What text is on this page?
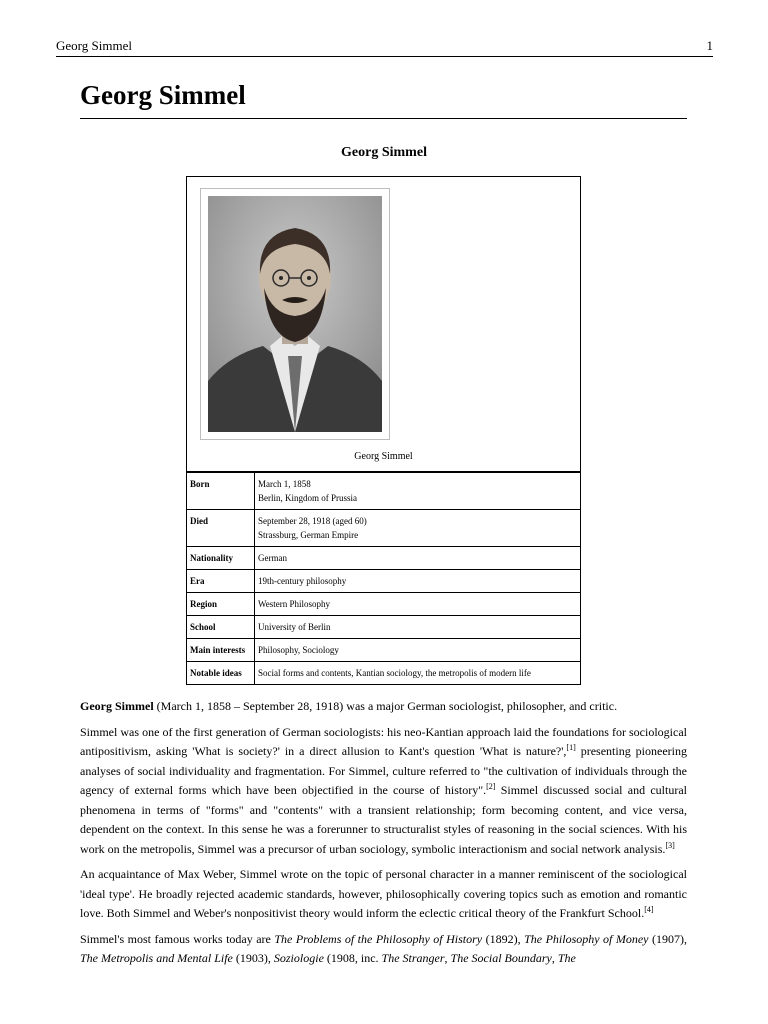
Georg Simmel	1
Georg Simmel
Georg Simmel
Georg Simmel
Born	March 1, 1858
Berlin, Kingdom of Prussia
Died	September 28, 1918 (aged 60)
Strassburg, German Empire
Nationality	German
Era	19th-century philosophy
Region	Western Philosophy
School	University of Berlin
Main interests	Philosophy, Sociology
Notable ideas	Social forms and contents, Kantian sociology, the metropolis of modern life

Georg Simmel (March 1, 1858 – September 28, 1918) was a major German sociologist, philosopher, and critic.

Simmel was one of the first generation of German sociologists: his neo-Kantian approach laid the foundations for sociological antipositivism, asking 'What is society?' in a direct allusion to Kant's question 'What is nature?',[1] presenting pioneering analyses of social individuality and fragmentation. For Simmel, culture referred to "the cultivation of individuals through the agency of external forms which have been objectified in the course of history".[2] Simmel discussed social and cultural phenomena in terms of "forms" and "contents" with a transient relationship; form becoming content, and vice versa, dependent on the context. In this sense he was a forerunner to structuralist styles of reasoning in the social sciences. With his work on the metropolis, Simmel was a precursor of urban sociology, symbolic interactionism and social network analysis.[3]

An acquaintance of Max Weber, Simmel wrote on the topic of personal character in a manner reminiscent of the sociological 'ideal type'. He broadly rejected academic standards, however, philosophically covering topics such as emotion and romantic love. Both Simmel and Weber's nonpositivist theory would inform the eclectic critical theory of the Frankfurt School.[4]

Simmel's most famous works today are The Problems of the Philosophy of History (1892), The Philosophy of Money (1907), The Metropolis and Mental Life (1903), Soziologie (1908, inc. The Stranger, The Social Boundary, The
